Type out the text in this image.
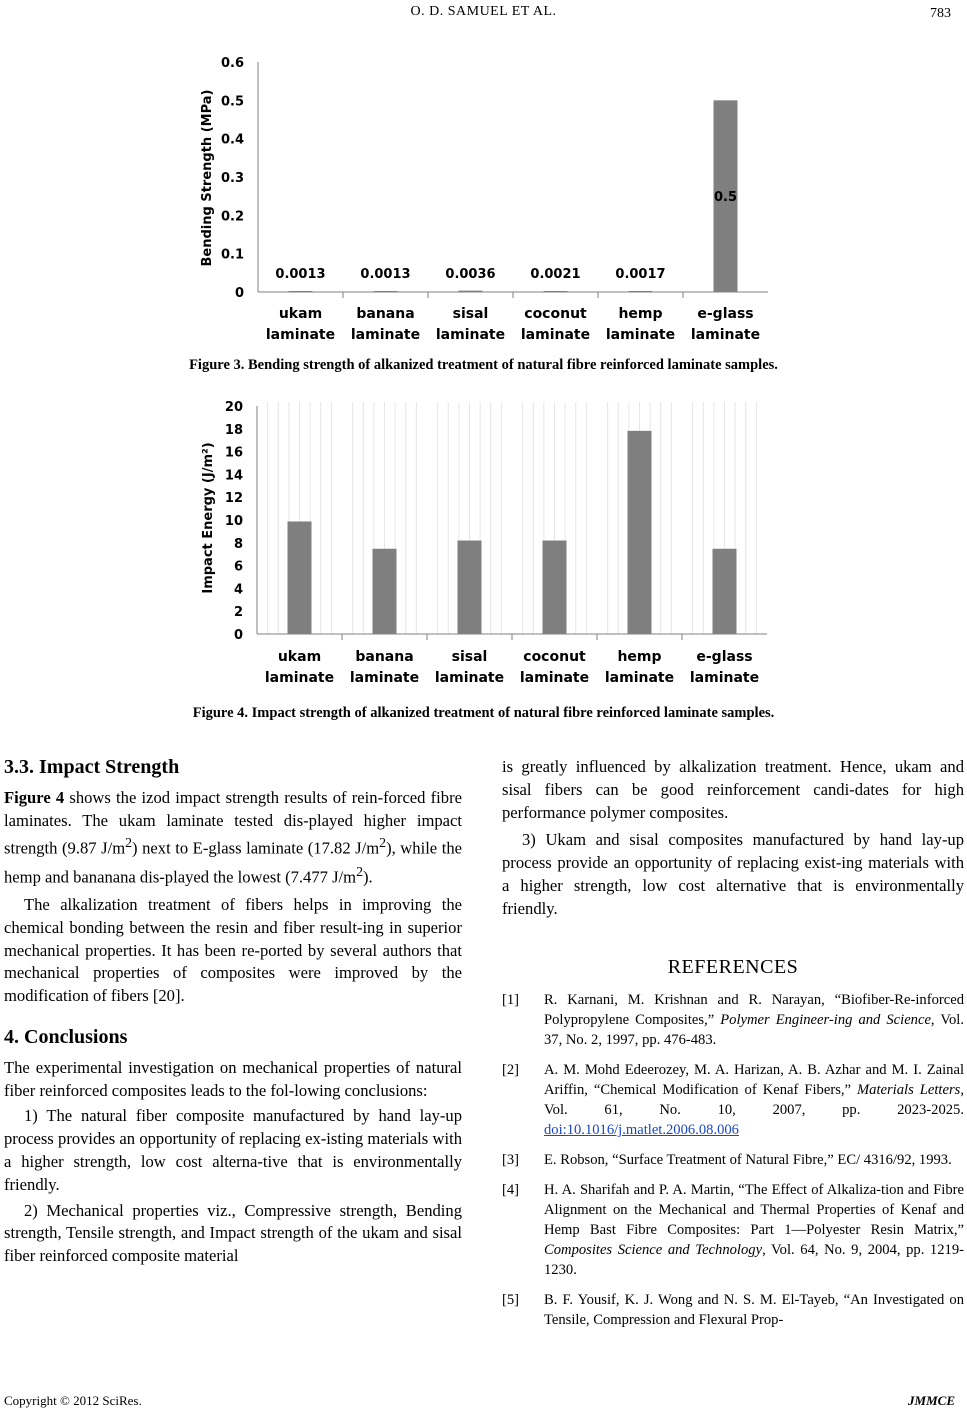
O. D. SAMUEL ET AL.	783
Bending Strength (MPa)
0
0.1
0.2
0.3
0.4
0.5
0.6
0.0013	0.0013	0.0036	0.0021	0.0017
0.5
ukam laminate
banana laminate
sisal laminate
coconut laminate
hemp laminate
e-glass laminate
Figure 3. Bending strength of alkanized treatment of natural fibre reinforced laminate samples.
Impact Energy (J/m²)
0
2
4
6
8
10
12
14
16
18
20
ukam laminate
banana laminate
sisal laminate
coconut laminate
hemp laminate
e-glass laminate
Figure 4. Impact strength of alkanized treatment of natural fibre reinforced laminate samples.
3.3. Impact Strength

Figure 4 shows the izod impact strength results of rein-forced fibre laminates. The ukam laminate tested dis-played higher impact strength (9.87 $J/m^2$) next to E-glass laminate (17.82 $J/m^2$), while the hemp and bananana dis-played the lowest (7.477 $J/m^2$).

The alkalization treatment of fibers helps in improving the chemical bonding between the resin and fiber result-ing in superior mechanical properties. It has been re-ported by several authors that mechanical properties of composites were improved by the modification of fibers [20].

4. Conclusions

The experimental investigation on mechanical properties of natural fiber reinforced composites leads to the fol-lowing conclusions:

1) The natural fiber composite manufactured by hand lay-up process provides an opportunity of replacing ex-isting materials with a higher strength, low cost alterna-tive that is environmentally friendly.

2) Mechanical properties viz., Compressive strength, Bending strength, Tensile strength, and Impact strength of the ukam and sisal fiber reinforced composite material

is greatly influenced by alkalization treatment. Hence, ukam and sisal fibers can be good reinforcement candi-dates for high performance polymer composites.

3) Ukam and sisal composites manufactured by hand lay-up process provide an opportunity of replacing exist-ing materials with a higher strength, low cost alternative that is environmentally friendly.

REFERENCES
[1] R. Karnani, M. Krishnan and R. Narayan, “Biofiber-Re-inforced Polypropylene Composites,” Polymer Engineer-ing and Science, Vol. 37, No. 2, 1997, pp. 476-483.
[2] A. M. Mohd Edeerozey, M. A. Harizan, A. B. Azhar and M. I. Zainal Ariffin, “Chemical Modification of Kenaf Fibers,” Materials Letters, Vol. 61, No. 10, 2007, pp. 2023-2025. doi:10.1016/j.matlet.2006.08.006
[3] E. Robson, “Surface Treatment of Natural Fibre,” EC/ 4316/92, 1993.
[4] H. A. Sharifah and P. A. Martin, “The Effect of Alkaliza-tion and Fibre Alignment on the Mechanical and Thermal Properties of Kenaf and Hemp Bast Fibre Composites: Part 1—Polyester Resin Matrix,” Composites Science and Technology, Vol. 64, No. 9, 2004, pp. 1219-1230.
[5] B. F. Yousif, K. J. Wong and N. S. M. El-Tayeb, “An Investigated on Tensile, Compression and Flexural Prop-
Copyright © 2012 SciRes.	JMMCE
